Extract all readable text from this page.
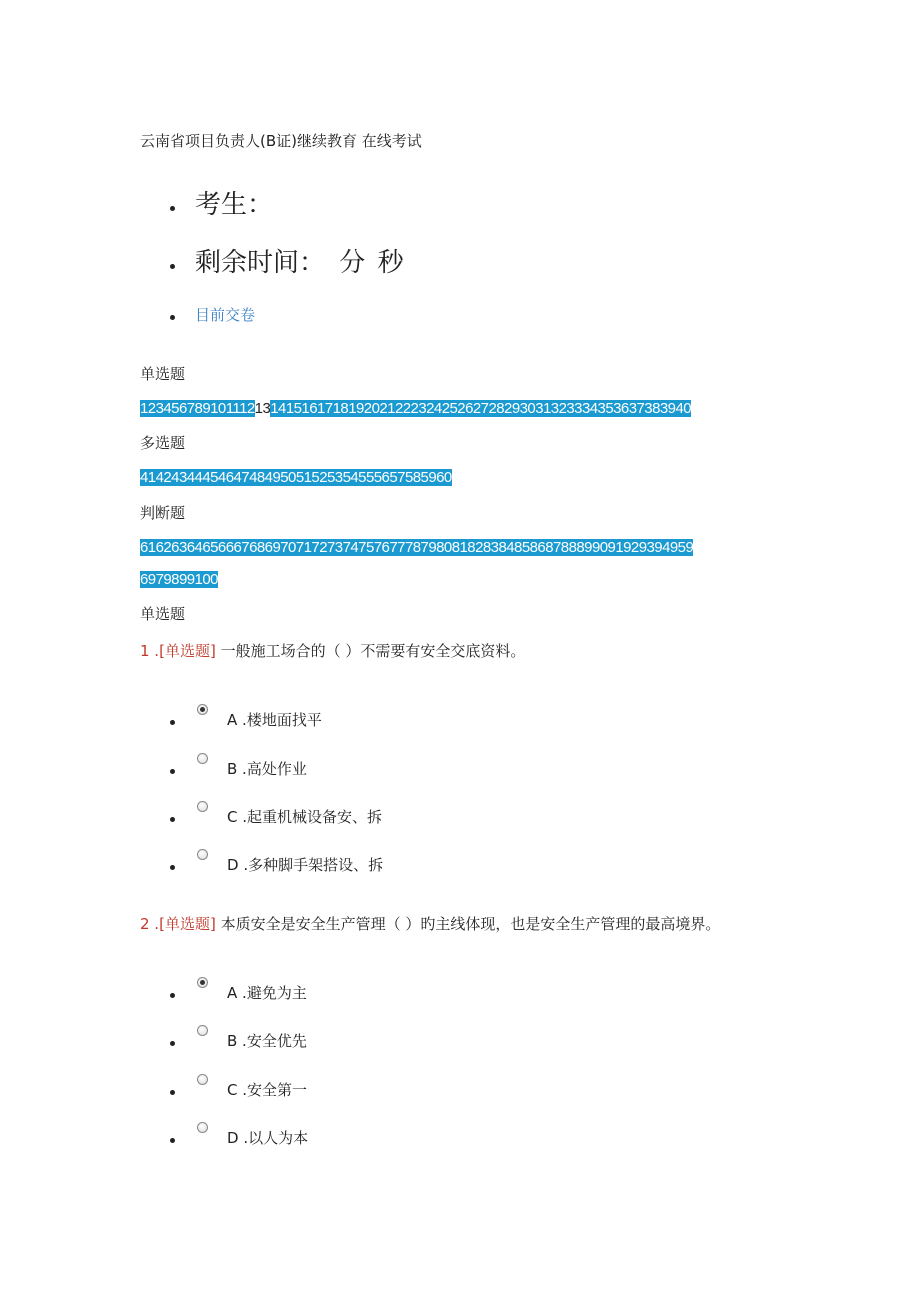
云南省项目负责人(B证)继续教育 在线考试
考生：
剩余时间： 分 秒
目前交卷
单选题
12345678910111213141516171819202122232425262728293031323334353637383940
多选题
4142434445464748495051525354555657585960
判断题
61626364656667686970717273747576777879808182838485868788899091929394959
6979899100
单选题
1 .[单选题] 一般施工场合的（ ）不需要有安全交底资料。
A .楼地面找平
B .高处作业
C .起重机械设备安、拆
D .多种脚手架搭设、拆
2 .[单选题] 本质安全是安全生产管理（ ）旳主线体现，也是安全生产管理的最高境界。
A .避免为主
B .安全优先
C .安全第一
D .以人为本
